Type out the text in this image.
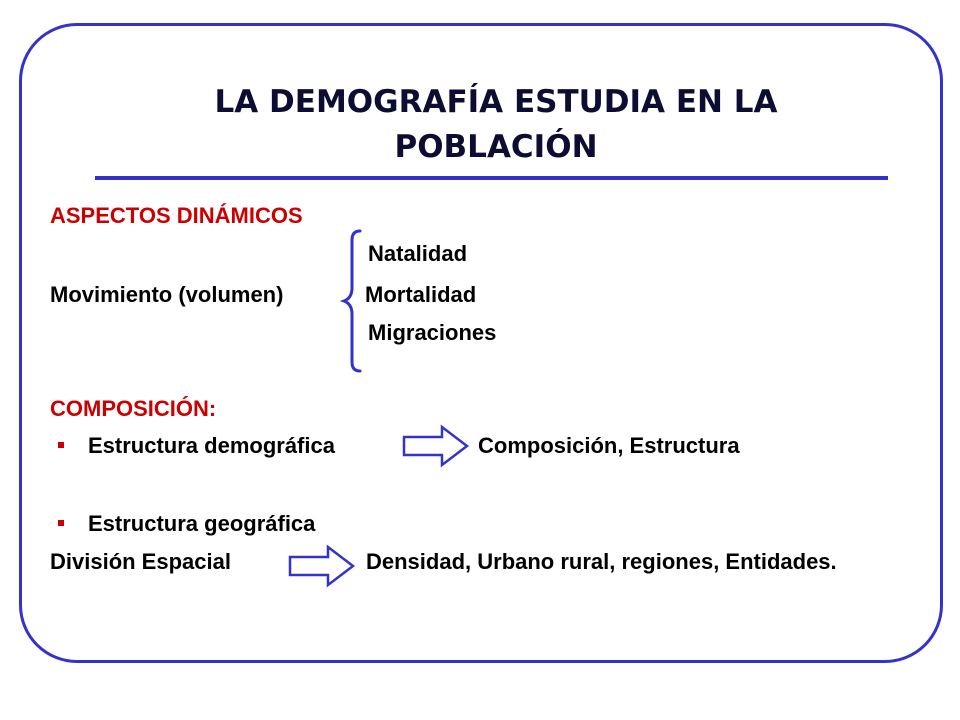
LA DEMOGRAFÍA ESTUDIA EN LA
POBLACIÓN
ASPECTOS DINÁMICOS
Natalidad
Movimiento (volumen)	Mortalidad
Migraciones
COMPOSICIÓN:
Estructura demográfica	Composición, Estructura
Estructura geográfica
División Espacial	Densidad, Urbano rural, regiones, Entidades.
